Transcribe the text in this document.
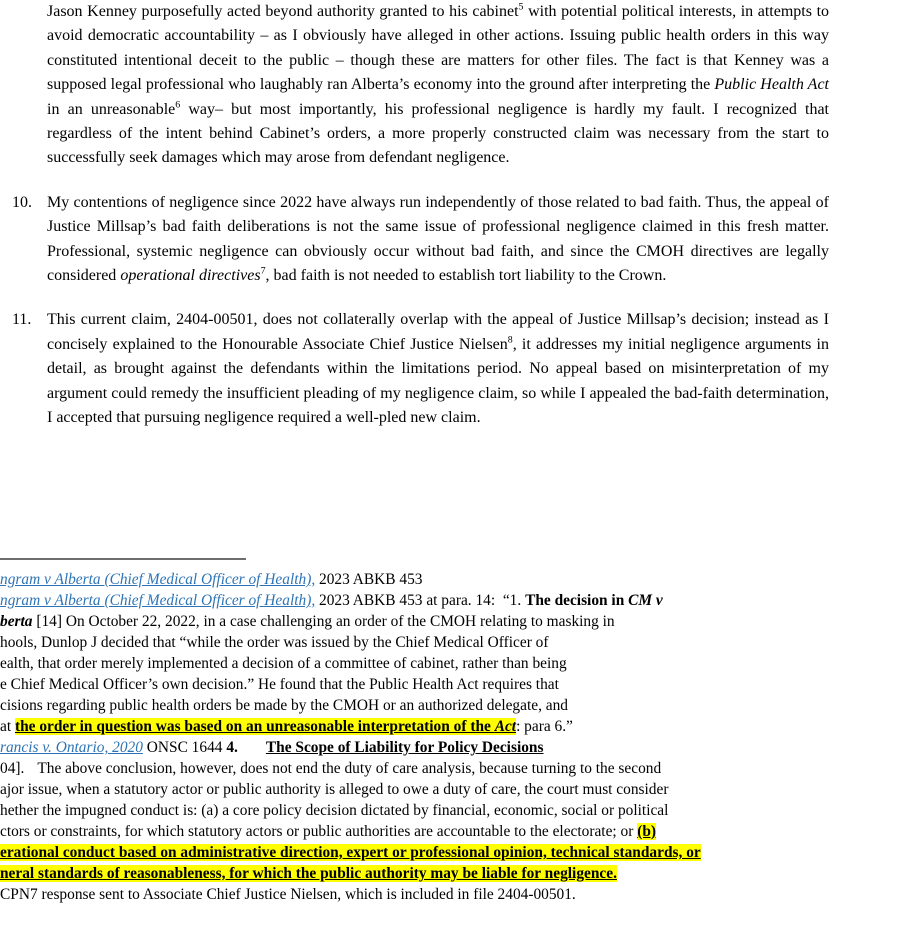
Jason Kenney purposefully acted beyond authority granted to his cabinet$^5$ with potential political interests, in attempts to avoid democratic accountability – as I obviously have alleged in other actions. Issuing public health orders in this way constituted intentional deceit to the public – though these are matters for other files. The fact is that Kenney was a supposed legal professional who laughably ran Alberta’s economy into the ground after interpreting the Public Health Act in an unreasonable$^6$ way– but most importantly, his professional negligence is hardly my fault. I recognized that regardless of the intent behind Cabinet’s orders, a more properly constructed claim was necessary from the start to successfully seek damages which may arose from defendant negligence.
10. My contentions of negligence since 2022 have always run independently of those related to bad faith. Thus, the appeal of Justice Millsap’s bad faith deliberations is not the same issue of professional negligence claimed in this fresh matter. Professional, systemic negligence can obviously occur without bad faith, and since the CMOH directives are legally considered operational directives$^7$, bad faith is not needed to establish tort liability to the Crown.
11. This current claim, 2404-00501, does not collaterally overlap with the appeal of Justice Millsap’s decision; instead as I concisely explained to the Honourable Associate Chief Justice Nielsen$^8$, it addresses my initial negligence arguments in detail, as brought against the defendants within the limitations period. No appeal based on misinterpretation of my argument could remedy the insufficient pleading of my negligence claim, so while I appealed the bad-faith determination, I accepted that pursuing negligence required a well-pled new claim.
ngram v Alberta (Chief Medical Officer of Health), 2023 ABKB 453
ngram v Alberta (Chief Medical Officer of Health), 2023 ABKB 453 at para. 14:  “1. The decision in CM v
berta [14] On October 22, 2022, in a case challenging an order of the CMOH relating to masking in
hools, Dunlop J decided that “while the order was issued by the Chief Medical Officer of
ealth, that order merely implemented a decision of a committee of cabinet, rather than being
e Chief Medical Officer’s own decision.” He found that the Public Health Act requires that
cisions regarding public health orders be made by the CMOH or an authorized delegate, and
at the order in question was based on an unreasonable interpretation of the Act: para 6.”
rancis v. Ontario, 2020 ONSC 1644 4. The Scope of Liability for Policy Decisions
04]. The above conclusion, however, does not end the duty of care analysis, because turning to the second
ajor issue, when a statutory actor or public authority is alleged to owe a duty of care, the court must consider
hether the impugned conduct is: (a) a core policy decision dictated by financial, economic, social or political
ctors or constraints, for which statutory actors or public authorities are accountable to the electorate; or (b)
erational conduct based on administrative direction, expert or professional opinion, technical standards, or
neral standards of reasonableness, for which the public authority may be liable for negligence.
CPN7 response sent to Associate Chief Justice Nielsen, which is included in file 2404-00501.
